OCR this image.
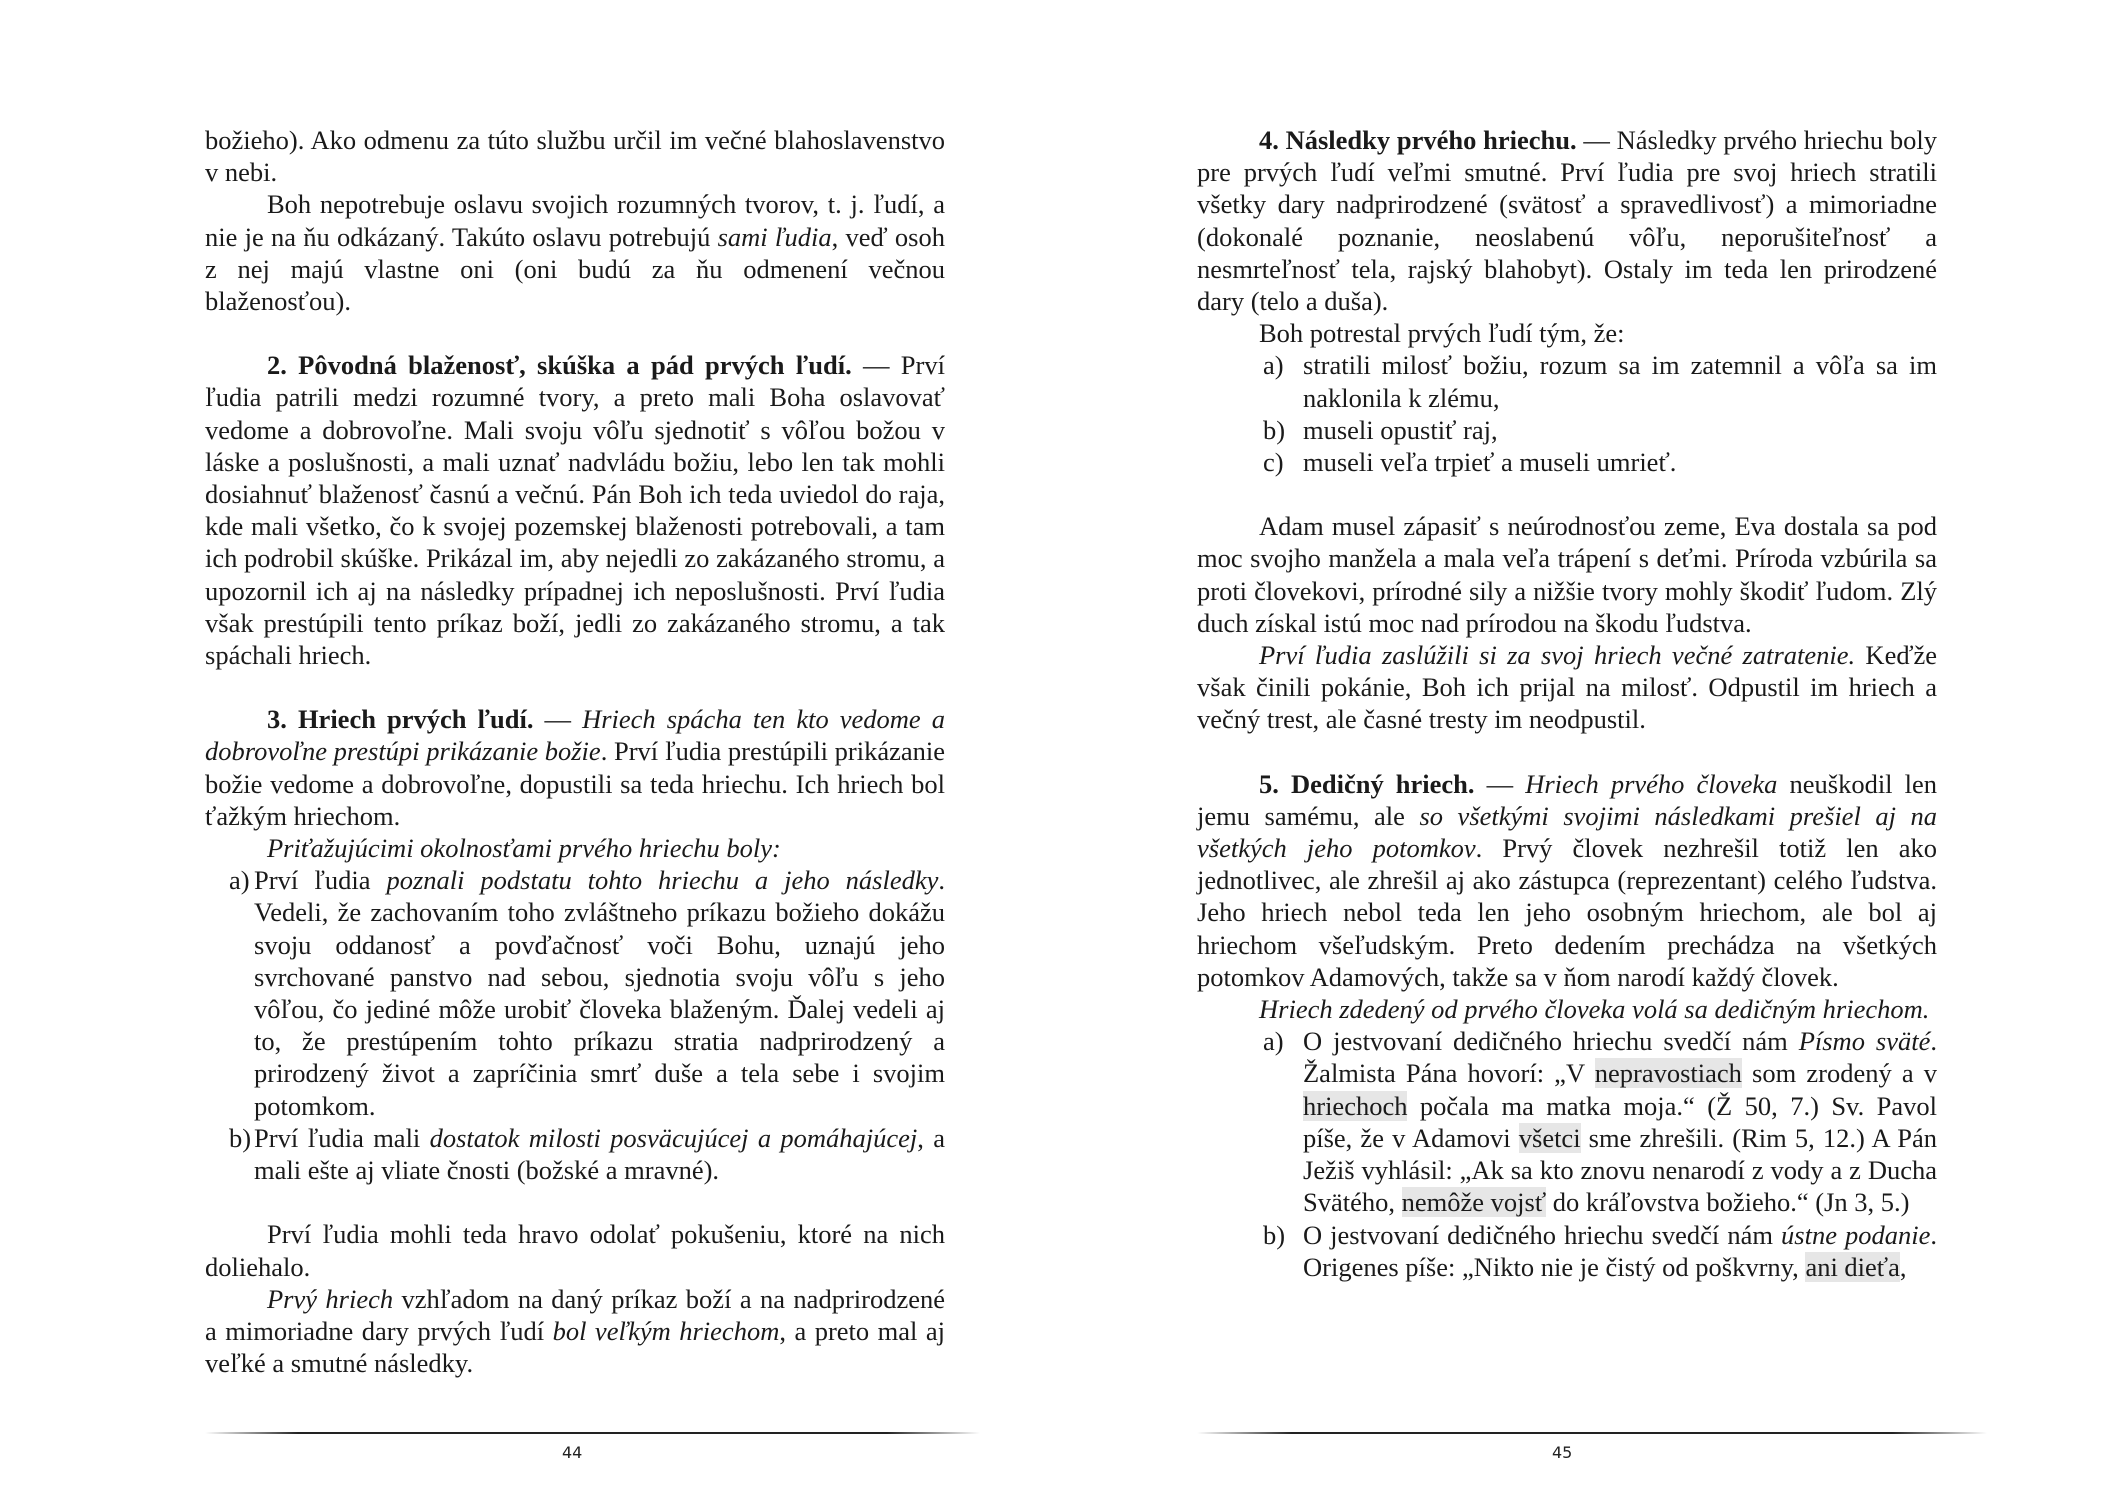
božieho). Ako odmenu za túto službu určil im večné blahoslavenstvo v nebi.

Boh nepotrebuje oslavu svojich rozumných tvorov, t. j. ľudí, a nie je na ňu odkázaný. Takúto oslavu potrebujú sami ľudia, veď osoh z nej majú vlastne oni (oni budú za ňu odmenení večnou blaženosťou).

2. Pôvodná blaženosť, skúška a pád prvých ľudí. — Prví ľudia patrili medzi rozumné tvory, a preto mali Boha oslavovať vedome a dobrovoľne. Mali svoju vôľu sjednotiť s vôľou božou v láske a poslušnosti, a mali uznať nadvládu božiu, lebo len tak mohli dosiahnuť blaženosť časnú a večnú. Pán Boh ich teda uviedol do raja, kde mali všetko, čo k svojej pozemskej blaženosti potrebovali, a tam ich podrobil skúške. Prikázal im, aby nejedli zo zakázaného stromu, a upozornil ich aj na následky prípadnej ich neposlušnosti. Prví ľudia však prestúpili tento príkaz boží, jedli zo zakázaného stromu, a tak spáchali hriech.

3. Hriech prvých ľudí. — Hriech spácha ten kto vedome a dobrovoľne prestúpi prikázanie božie. Prví ľudia prestúpili prikázanie božie vedome a dobrovoľne, dopustili sa teda hriechu. Ich hriech bol ťažkým hriechom.

Priťažujúcimi okolnosťami prvého hriechu boly:

a) Prví ľudia poznali podstatu tohto hriechu a jeho následky. Vedeli, že zachovaním toho zvláštneho príkazu božieho dokážu svoju oddanosť a povďačnosť voči Bohu, uznajú jeho svrchované panstvo nad sebou, sjednotia svoju vôľu s jeho vôľou, čo jediné môže urobiť človeka blaženým. Ďalej vedeli aj to, že prestúpením tohto príkazu stratia nadprirodzený a prirodzený život a zapríčinia smrť duše a tela sebe i svojim potomkom.
b) Prví ľudia mali dostatok milosti posväcujúcej a pomáhajúcej, a mali ešte aj vliate čnosti (božské a mravné).

Prví ľudia mohli teda hravo odolať pokušeniu, ktoré na nich doliehalo.

Prvý hriech vzhľadom na daný príkaz boží a na nadprirodzené a mimoriadne dary prvých ľudí bol veľkým hriechom, a preto mal aj veľké a smutné následky.

44

4. Následky prvého hriechu. — Následky prvého hriechu boly pre prvých ľudí veľmi smutné. Prví ľudia pre svoj hriech stratili všetky dary nadprirodzené (svätosť a spravedlivosť) a mimoriadne (dokonalé poznanie, neoslabenú vôľu, neporušiteľnosť a nesmrteľnosť tela, rajský blahobyt). Ostaly im teda len prirodzené dary (telo a duša).

Boh potrestal prvých ľudí tým, že:

a) stratili milosť božiu, rozum sa im zatemnil a vôľa sa im naklonila k zlému,
b) museli opustiť raj,
c) museli veľa trpieť a museli umrieť.

Adam musel zápasiť s neúrodnosťou zeme, Eva dostala sa pod moc svojho manžela a mala veľa trápení s deťmi. Príroda vzbúrila sa proti človekovi, prírodné sily a nižšie tvory mohly škodiť ľudom. Zlý duch získal istú moc nad prírodou na škodu ľudstva.

Prví ľudia zaslúžili si za svoj hriech večné zatratenie. Keďže však činili pokánie, Boh ich prijal na milosť. Odpustil im hriech a večný trest, ale časné tresty im neodpustil.

5. Dedičný hriech. — Hriech prvého človeka neuškodil len jemu samému, ale so všetkými svojimi následkami prešiel aj na všetkých jeho potomkov. Prvý človek nezhrešil totiž len ako jednotlivec, ale zhrešil aj ako zástupca (reprezentant) celého ľudstva. Jeho hriech nebol teda len jeho osobným hriechom, ale bol aj hriechom všeľudským. Preto dedením prechádza na všetkých potomkov Adamových, takže sa v ňom narodí každý človek.

Hriech zdedený od prvého človeka volá sa dedičným hriechom.

a) O jestvovaní dedičného hriechu svedčí nám Písmo sväté. Žalmista Pána hovorí: „V nepravostiach som zrodený a v hriechoch počala ma matka moja.“ (Ž 50, 7.) Sv. Pavol píše, že v Adamovi všetci sme zhrešili. (Rim 5, 12.) A Pán Ježiš vyhlásil: „Ak sa kto znovu nenarodí z vody a z Ducha Svätého, nemôže vojsť do kráľovstva božieho.“ (Jn 3, 5.)
b) O jestvovaní dedičného hriechu svedčí nám ústne podanie. Origenes píše: „Nikto nie je čistý od poškvrny, ani dieťa,
45
